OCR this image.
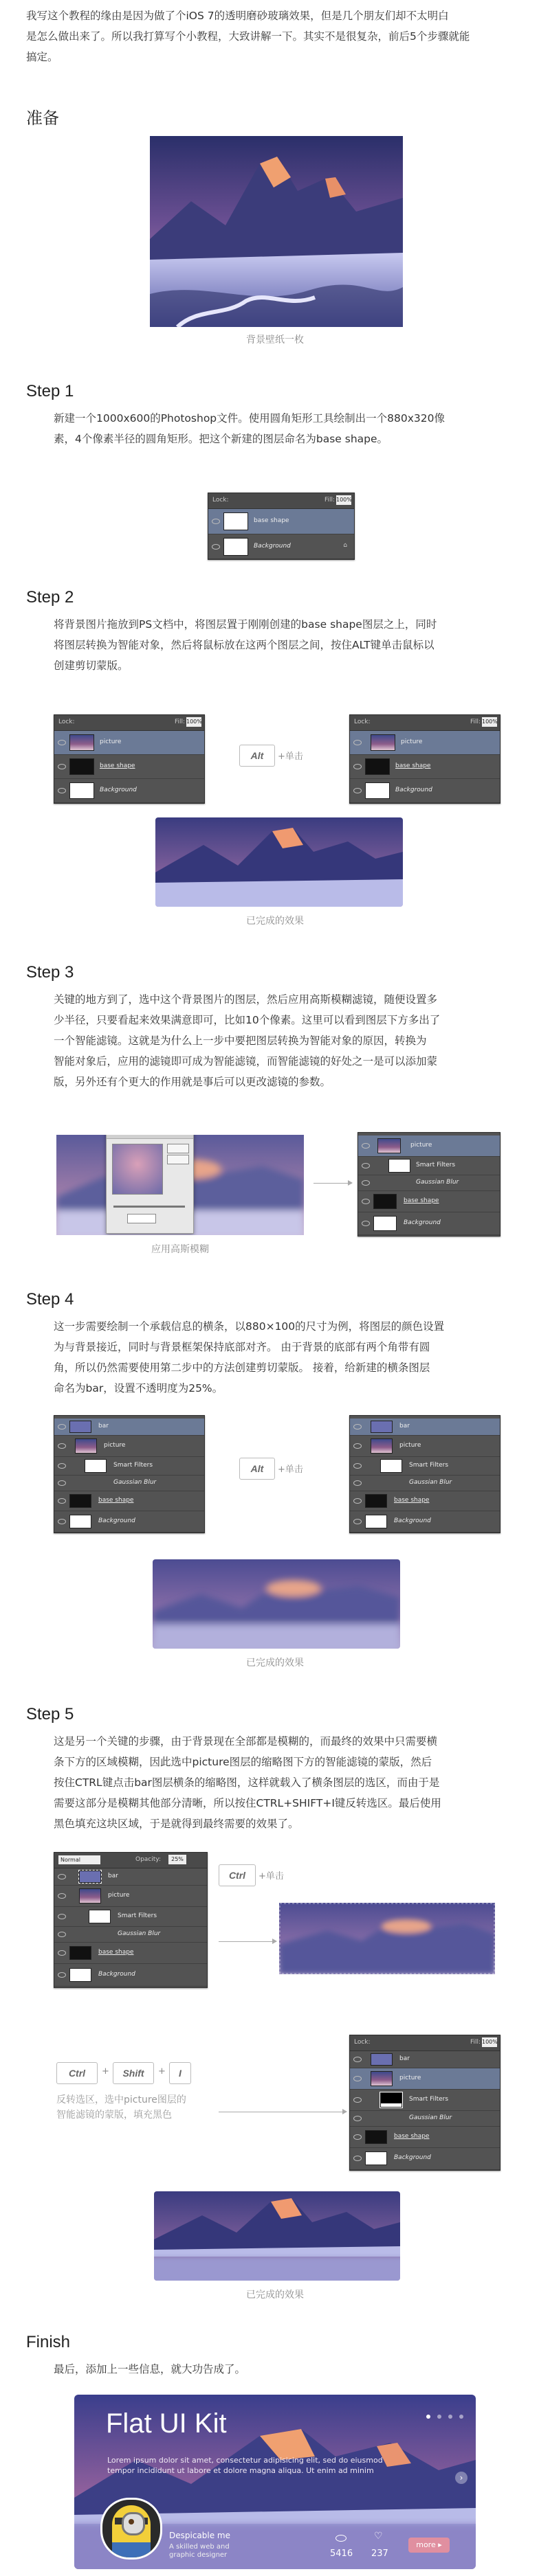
我写这个教程的缘由是因为做了个iOS 7的透明磨砂玻璃效果，但是几个朋友们却不太明白
是怎么做出来了。所以我打算写个小教程，大致讲解一下。其实不是很复杂，前后5个步骤就能
搞定。
准备
背景壁纸一枚
Step 1
新建一个1000x600的Photoshop文件。使用圆角矩形工具绘制出一个880x320像
素，4个像素半径的圆角矩形。把这个新建的图层命名为base shape。
Lock:	Fill: 100%
base shape
Background	⌂
Step 2
将背景图片拖放到PS文档中，将图层置于刚刚创建的base shape图层之上，同时
将图层转换为智能对象，然后将鼠标放在这两个图层之间，按住ALT键单击鼠标以
创建剪切蒙版。
Lock:	Fill: 100%
picture
base shape
Background
Alt	+单击
Lock:	Fill: 100%
picture
base shape
Background
已完成的效果
Step 3
关键的地方到了，选中这个背景图片的图层，然后应用高斯模糊滤镜，随便设置多
少半径，只要看起来效果满意即可，比如10个像素。这里可以看到图层下方多出了
一个智能滤镜。这就是为什么上一步中要把图层转换为智能对象的原因，转换为
智能对象后，应用的滤镜即可成为智能滤镜，而智能滤镜的好处之一是可以添加蒙
版，另外还有个更大的作用就是事后可以更改滤镜的参数。
应用高斯模糊
picture
Smart Filters
Gaussian Blur
base shape
Background
Step 4
这一步需要绘制一个承载信息的横条，以880×100的尺寸为例，将图层的颜色设置
为与背景接近，同时与背景框架保持底部对齐。 由于背景的底部有两个角带有圆
角，所以仍然需要使用第二步中的方法创建剪切蒙版。 接着，给新建的横条图层
命名为bar，设置不透明度为25%。
bar
picture
Smart Filters
Gaussian Blur
base shape
Background
Alt	+单击
bar
picture
Smart Filters
Gaussian Blur
base shape
Background
已完成的效果
Step 5
这是另一个关键的步骤，由于背景现在全部都是模糊的，而最终的效果中只需要横
条下方的区域模糊，因此选中picture图层的缩略图下方的智能滤镜的蒙版，然后
按住CTRL键点击bar图层横条的缩略图，这样就载入了横条图层的选区，而由于是
需要这部分是模糊其他部分清晰，所以按住CTRL+SHIFT+I键反转选区。最后使用
黑色填充这块区域，于是就得到最终需要的效果了。
Normal	Opacity:	25%
bar
picture
Smart Filters
Gaussian Blur
base shape
Background
Ctrl	+单击
Ctrl	+	Shift	+	I
反转选区，选中picture图层的
智能滤镜的蒙版，填充黑色
Lock:	Fill: 100%
bar
picture
Smart Filters
Gaussian Blur
base shape
Background
已完成的效果
Finish
最后，添加上一些信息，就大功告成了。
Flat UI Kit
Lorem ipsum dolor sit amet, consectetur adipisicing elit, sed do eiusmod
tempor incididunt ut labore et dolore magna aliqua. Ut enim ad minim

›
Despicable me
A skilled web and
graphic designer	5416
♡
237
more ▸
